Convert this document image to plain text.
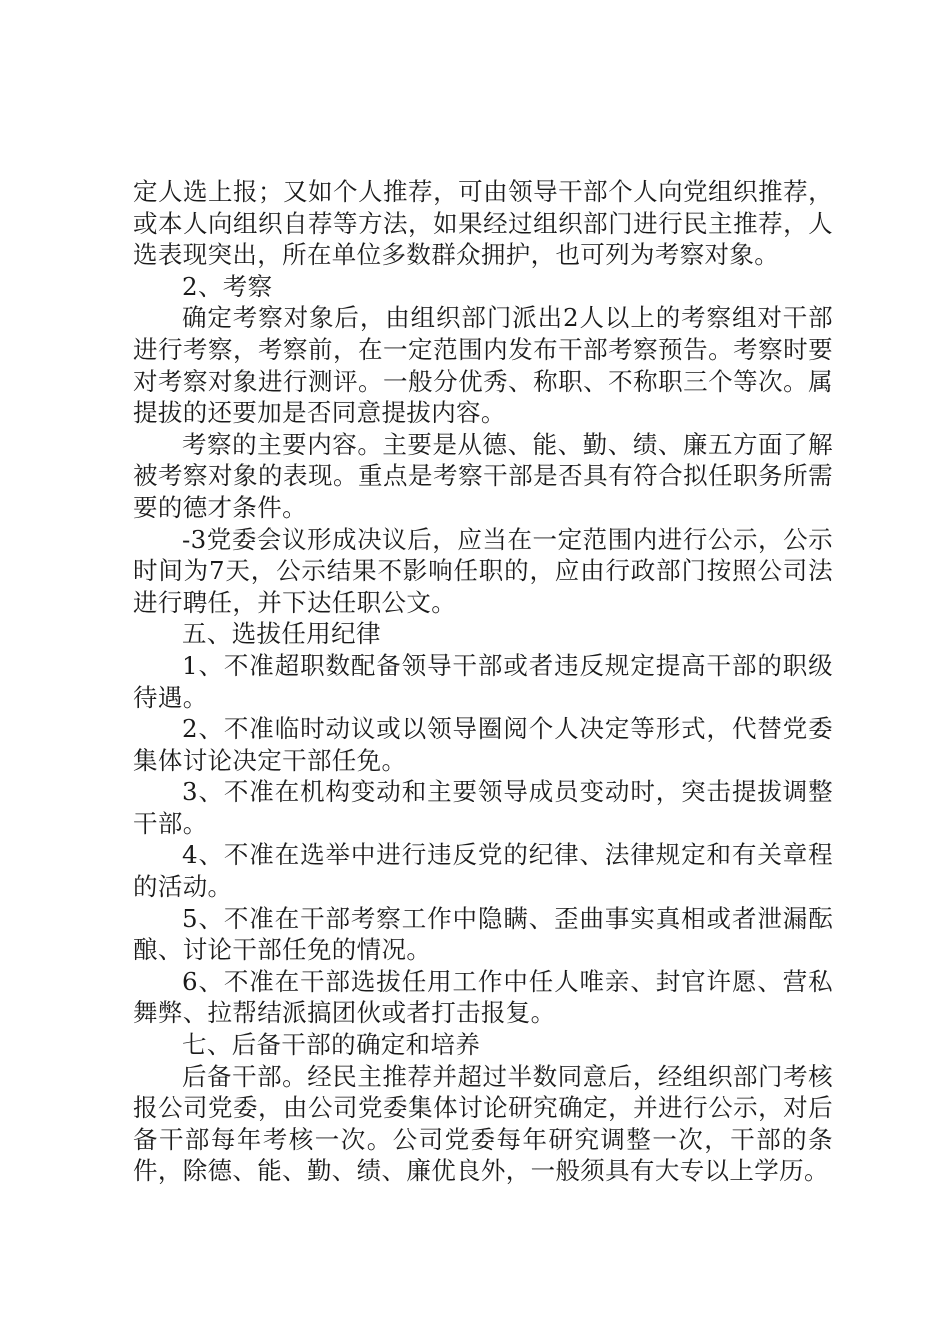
定人选上报；又如个人推荐，可由领导干部个人向党组织推荐，或本人向组织自荐等方法，如果经过组织部门进行民主推荐，人选表现突出，所在单位多数群众拥护，也可列为考察对象。

2、考察

确定考察对象后，由组织部门派出2人以上的考察组对干部进行考察，考察前，在一定范围内发布干部考察预告。考察时要对考察对象进行测评。一般分优秀、称职、不称职三个等次。属提拔的还要加是否同意提拔内容。

考察的主要内容。主要是从德、能、勤、绩、廉五方面了解被考察对象的表现。重点是考察干部是否具有符合拟任职务所需要的德才条件。

-3党委会议形成决议后，应当在一定范围内进行公示，公示时间为7天，公示结果不影响任职的，应由行政部门按照公司法进行聘任，并下达任职公文。

五、选拔任用纪律

1、不准超职数配备领导干部或者违反规定提高干部的职级待遇。

2、不准临时动议或以领导圈阅个人决定等形式，代替党委集体讨论决定干部任免。

3、不准在机构变动和主要领导成员变动时，突击提拔调整干部。

4、不准在选举中进行违反党的纪律、法律规定和有关章程的活动。

5、不准在干部考察工作中隐瞒、歪曲事实真相或者泄漏酝酿、讨论干部任免的情况。

6、不准在干部选拔任用工作中任人唯亲、封官许愿、营私舞弊、拉帮结派搞团伙或者打击报复。

七、后备干部的确定和培养

后备干部。经民主推荐并超过半数同意后，经组织部门考核报公司党委，由公司党委集体讨论研究确定，并进行公示，对后备干部每年考核一次。公司党委每年研究调整一次，干部的条件，除德、能、勤、绩、廉优良外，一般须具有大专以上学历。
